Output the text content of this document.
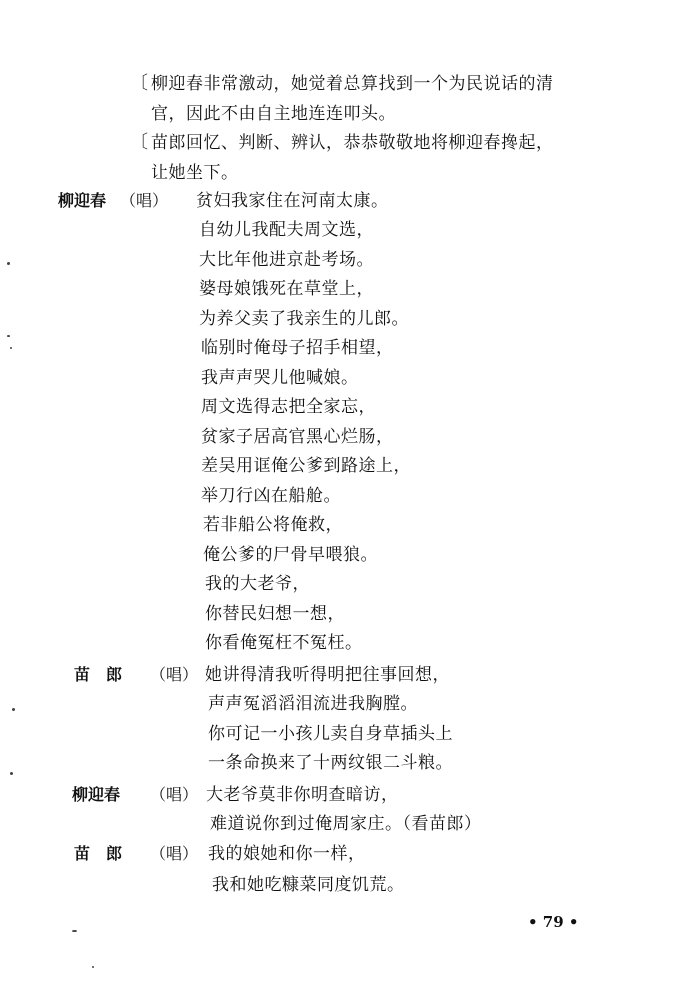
〔 柳迎春非常激动，她觉着总算找到一个为民说话的清
官，因此不由自主地连连叩头。
〔 苗郎回忆、判断、辨认，恭恭敬敬地将柳迎春搀起，
让她坐下。
柳迎春 （唱） 贫妇我家住在河南太康。
自幼儿我配夫周文选，
大比年他进京赴考场。
婆母娘饿死在草堂上，
为养父卖了我亲生的儿郎。
临别时俺母子招手相望，
我声声哭儿他喊娘。
周文选得志把全家忘，
贫家子居高官黑心烂肠，
差吴用诓俺公爹到路途上，
举刀行凶在船舱。
若非船公将俺救，
俺公爹的尸骨早喂狼。
我的大老爷，
你替民妇想一想，
你看俺冤枉不冤枉。
苗　郎 （唱） 她讲得清我听得明把往事回想，
声声冤滔滔泪流进我胸膛。
你可记一小孩儿卖自身草插头上
一条命换来了十两纹银二斗粮。
柳迎春 （唱） 大老爷莫非你明查暗访，
难道说你到过俺周家庄。（看苗郎）
苗　郎 （唱） 我的娘她和你一样，
我和她吃糠菜同度饥荒。
• 79 •
